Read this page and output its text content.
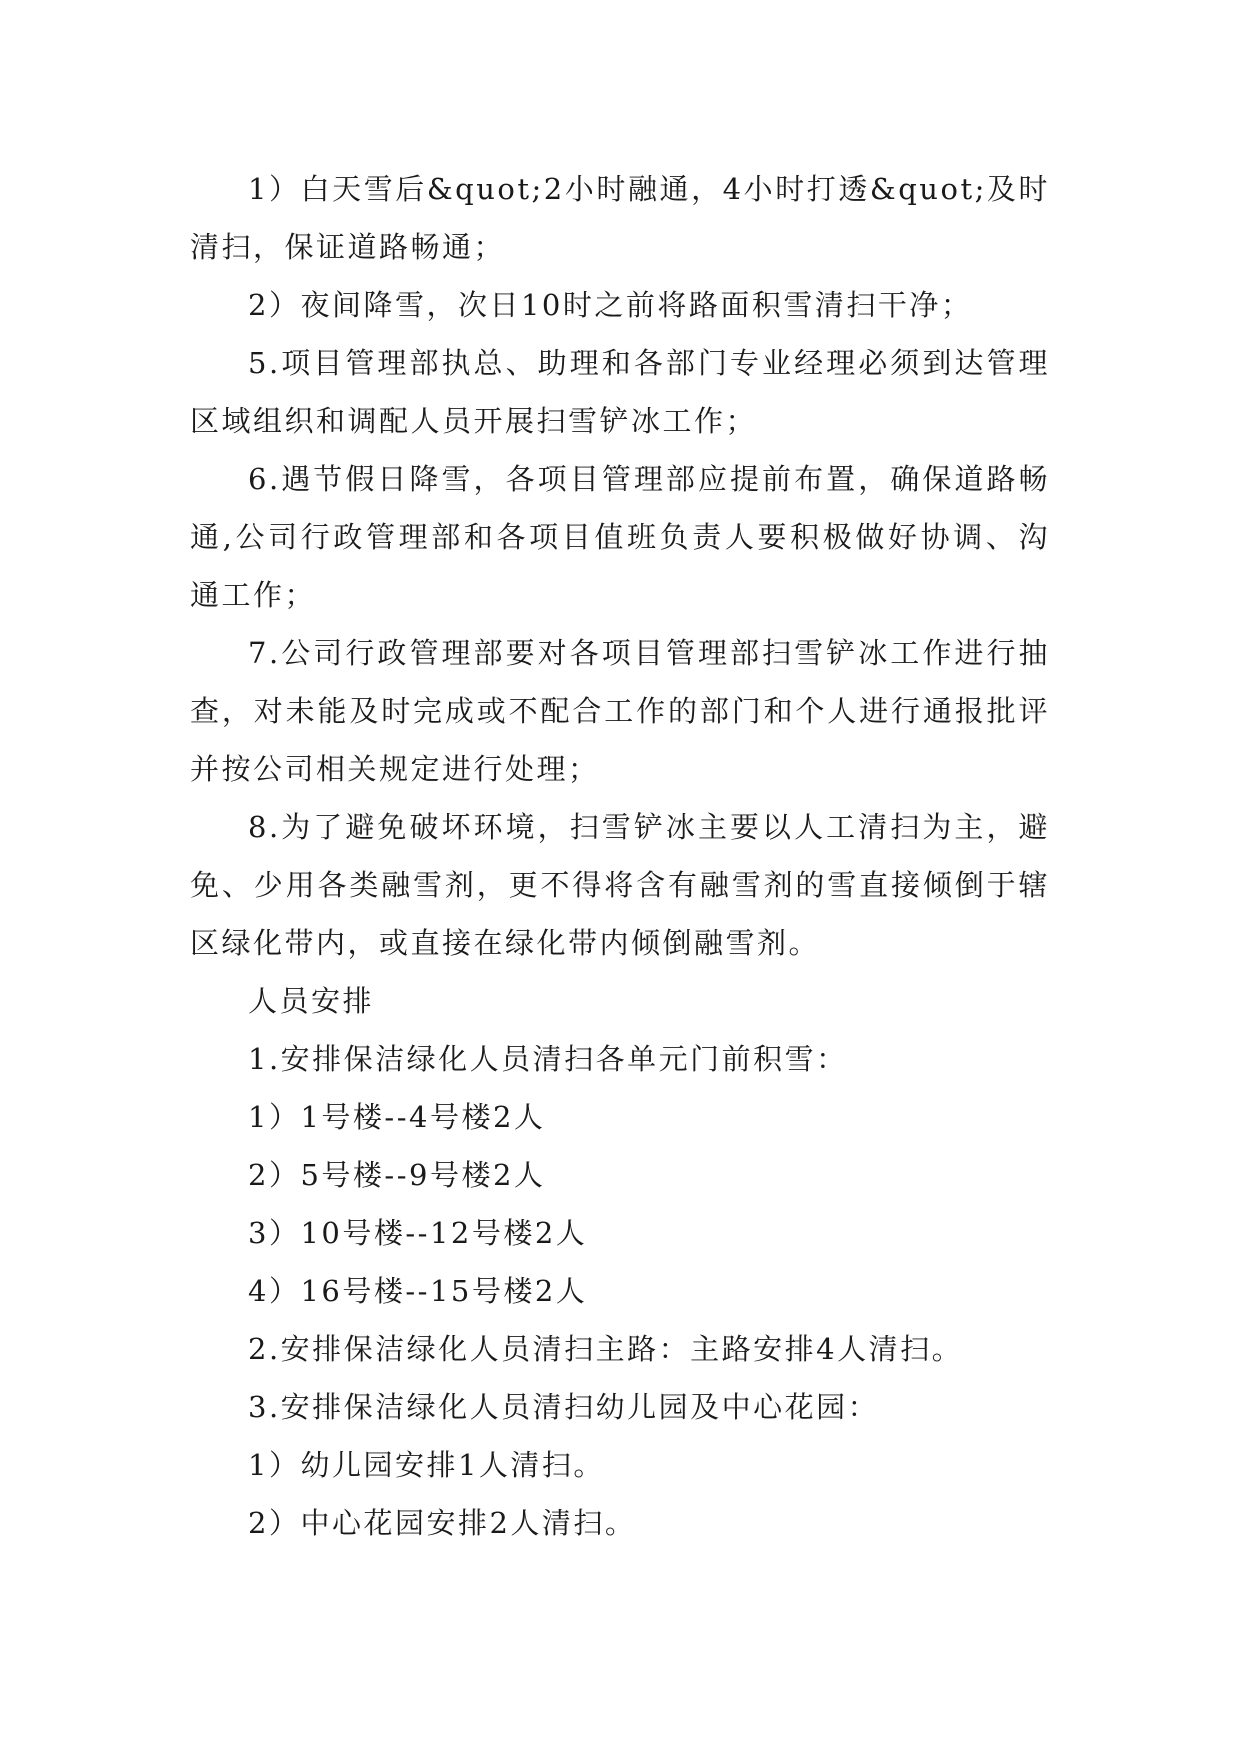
1）白天雪后&quot;2小时融通，4小时打透&quot;及时清扫，保证道路畅通；

2）夜间降雪，次日10时之前将路面积雪清扫干净；

5.项目管理部执总、助理和各部门专业经理必须到达管理区域组织和调配人员开展扫雪铲冰工作；

6.遇节假日降雪，各项目管理部应提前布置，确保道路畅通,公司行政管理部和各项目值班负责人要积极做好协调、沟通工作；

7.公司行政管理部要对各项目管理部扫雪铲冰工作进行抽查，对未能及时完成或不配合工作的部门和个人进行通报批评并按公司相关规定进行处理；

8.为了避免破坏环境，扫雪铲冰主要以人工清扫为主，避免、少用各类融雪剂，更不得将含有融雪剂的雪直接倾倒于辖区绿化带内，或直接在绿化带内倾倒融雪剂。

人员安排

1.安排保洁绿化人员清扫各单元门前积雪：

1）1号楼--4号楼2人

2）5号楼--9号楼2人

3）10号楼--12号楼2人

4）16号楼--15号楼2人

2.安排保洁绿化人员清扫主路：主路安排4人清扫。

3.安排保洁绿化人员清扫幼儿园及中心花园：

1）幼儿园安排1人清扫。

2）中心花园安排2人清扫。
